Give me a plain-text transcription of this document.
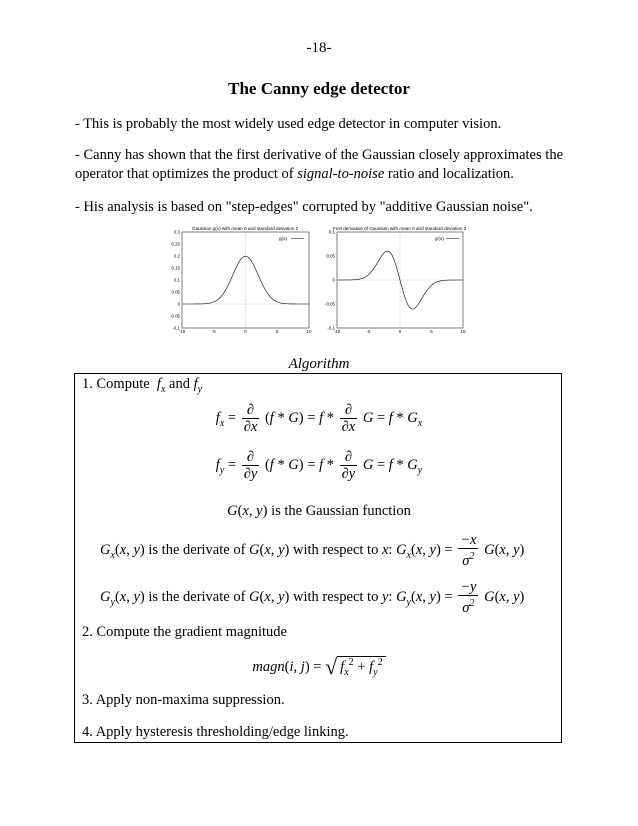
-18-
The Canny edge detector
- This is probably the most widely used edge detector in computer vision.
- Canny has shown that the first derivative of the Gaussian closely approximates the operator that optimizes the product of signal-to-noise ratio and localization.
- His analysis is based on "step-edges" corrupted by "additive Gaussian noise".
Gaussian g(x) with mean 0 and standard deviation 2
0.3
0.25
0.2
0.15
0.1
0.05
0
-0.05
-0.1
-10	-5	0	5	10
g(x)
First derivative of Gaussian with mean 0 and standard deviation 2
0.1
0.05
0
-0.05
-0.1
-10	-5	0	5	10
g'(x)
Algorithm
1. Compute  $f_x$ and $f_y$
$f_x = \frac{\partial}{\partial x} (f * G) = f * \frac{\partial}{\partial x}$ $G = f * G_x$
$f_y = \frac{\partial}{\partial y} (f * G) = f * \frac{\partial}{\partial y}$ $G = f * G_y$
G(x, y) is the Gaussian function
$G_x(x$, y) is the derivate of G(x, y) with respect to x: $G_x(x$, $y) = \frac{-x}{\sigma^2} G(x$, y)
$G_y(x$, y) is the derivate of G(x, y) with respect to y: $G_y(x$, $y) = \frac{-y}{\sigma^2} G(x$, y)
2. Compute the gradient magnitude
magn(i, j) = √ $f_x^2 + f_y^2$
3. Apply non-maxima suppression.
4. Apply hysteresis thresholding/edge linking.
